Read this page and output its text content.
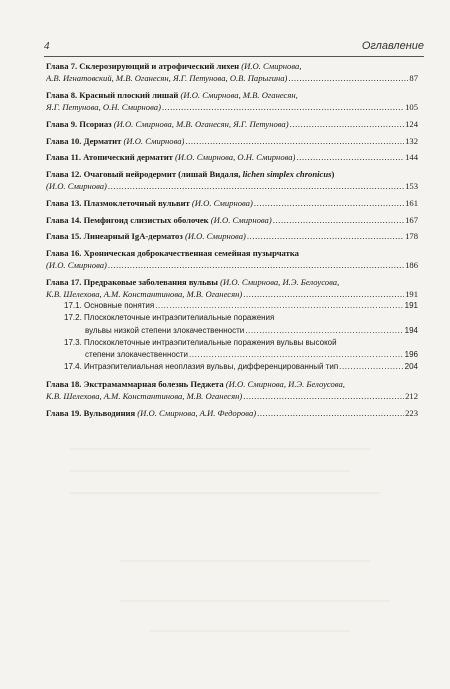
4	Оглавление
Глава 7. Склерозирующий и атрофический лихен (И.О. Смирнова,
А.В. Игнатовский, М.В. Оганесян, Я.Г. Петунова, О.В. Парыгина) .....	87
Глава 8. Красный плоский лишай (И.О. Смирнова, М.В. Оганесян,
Я.Г. Петунова, О.Н. Смирнова) .....	105
Глава 9. Псориаз (И.О. Смирнова, М.В. Оганесян, Я.Г. Петунова) .....	124
Глава 10. Дерматит (И.О. Смирнова) .....	132
Глава 11. Атопический дерматит (И.О. Смирнова, О.Н. Смирнова) .....	144
Глава 12. Очаговый нейродермит (лишай Видаля, lichen simplex chronicus)
(И.О. Смирнова) .....	153
Глава 13. Плазмоклеточный вульвит (И.О. Смирнова) .....	161
Глава 14. Пемфигоид слизистых оболочек (И.О. Смирнова) .....	167
Глава 15. Линеарный IgA-дерматоз (И.О. Смирнова) .....	178
Глава 16. Хроническая доброкачественная семейная пузырчатка
(И.О. Смирнова) .....	186
Глава 17. Предраковые заболевания вульвы (И.О. Смирнова, И.Э. Белоусова,
К.В. Шелехова, А.М. Константинова, М.В. Оганесян) .....	191
17.1. Основные понятия .....	191
17.2. Плоскоклеточные интраэпителиальные поражения
вульвы низкой степени злокачественности .....	194
17.3. Плоскоклеточные интраэпителиальные поражения вульвы высокой
степени злокачественности .....	196
17.4. Интраэпителиальная неоплазия вульвы, дифференцированный тип .....	204
Глава 18. Экстрамаммарная болезнь Педжета (И.О. Смирнова, И.Э. Белоусова,
К.В. Шелехова, А.М. Константинова, М.В. Оганесян) .....	212
Глава 19. Вульводиния (И.О. Смирнова, А.И. Федорова) .....	223
